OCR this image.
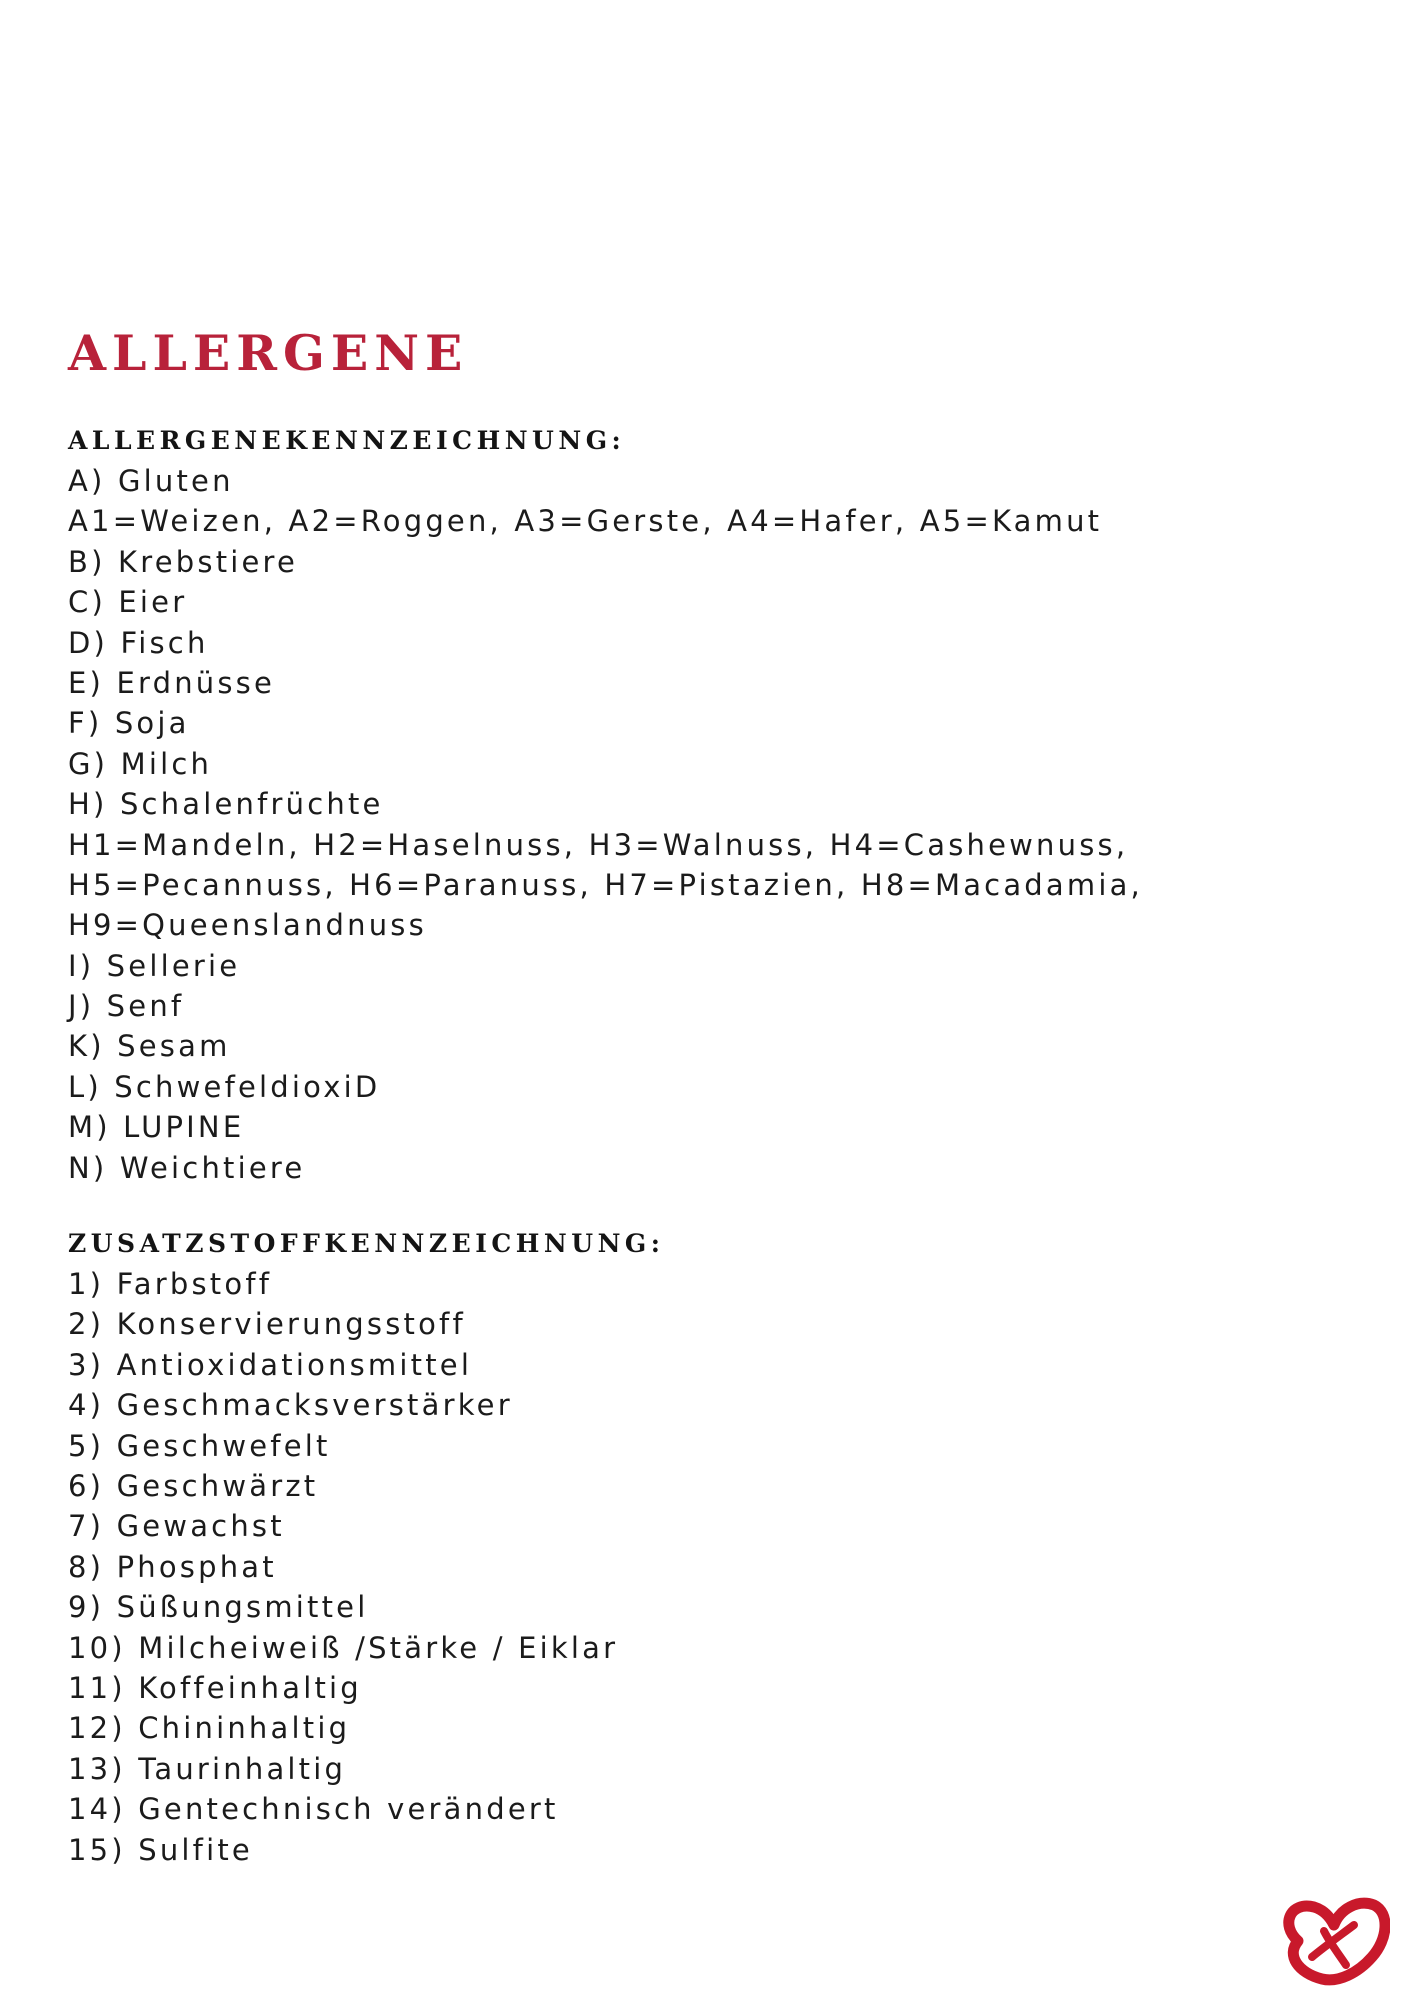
ALLERGENE
ALLERGENEKENNZEICHNUNG:
A) Gluten
A1=Weizen, A2=Roggen, A3=Gerste, A4=Hafer, A5=Kamut
B) Krebstiere
C) Eier
D) Fisch
E) Erdnüsse
F) Soja
G) Milch
H) Schalenfrüchte
H1=Mandeln, H2=Haselnuss, H3=Walnuss, H4=Cashewnuss,
H5=Pecannuss, H6=Paranuss, H7=Pistazien, H8=Macadamia,
H9=Queenslandnuss
I) Sellerie
J) Senf
K) Sesam
L) SchwefeldioxiD
M) LUPINE
N) Weichtiere
ZUSATZSTOFFKENNZEICHNUNG:
1) Farbstoff
2) Konservierungsstoff
3) Antioxidationsmittel
4) Geschmacksverstärker
5) Geschwefelt
6) Geschwärzt
7) Gewachst
8) Phosphat
9) Süßungsmittel
10) Milcheiweiß /Stärke / Eiklar
11) Koffeinhaltig
12) Chininhaltig
13) Taurinhaltig
14) Gentechnisch verändert
15) Sulfite
